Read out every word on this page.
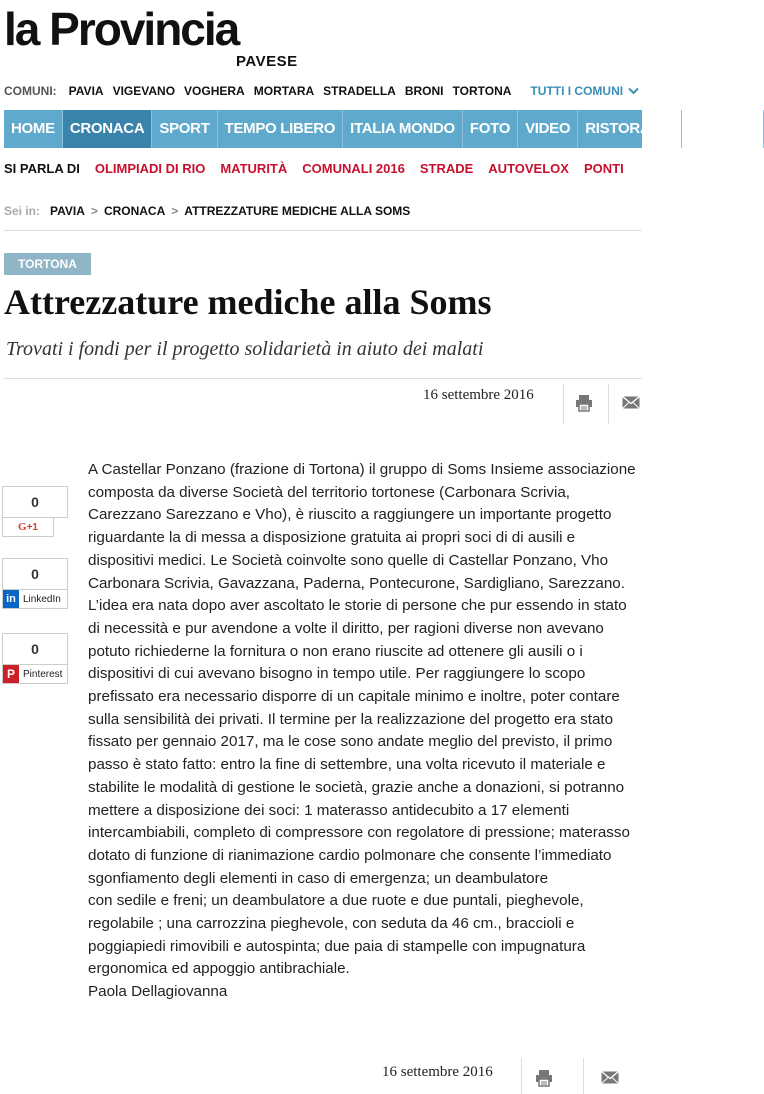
la Provincia
PAVESE
COMUNI: PAVIA VIGEVANO VOGHERA MORTARA STRADELLA BRONI TORTONA TUTTI I COMUNI
HOME	CRONACA	SPORT	TEMPO LIBERO	ITALIA MONDO	FOTO	VIDEO	RISTORANTI	ANNUNCI
SI PARLA DI OLIMPIADI DI RIO MATURITÀ COMUNALI 2016 STRADE AUTOVELOX PONTI
Sei in: PAVIA > CRONACA > ATTREZZATURE MEDICHE ALLA SOMS
TORTONA
Attrezzature mediche alla Soms
Trovati i fondi per il progetto solidarietà in aiuto dei malati
16 settembre 2016
0
G +1
0
in LinkedIn
0
P Pinterest

A Castellar Ponzano (frazione di Tortona) il gruppo di Soms Insieme associazione composta da diverse Società del territorio tortonese (Carbonara Scrivia, Carezzano Sarezzano e Vho), è riuscito a raggiungere un importante progetto riguardante la di messa a disposizione gratuita ai propri soci di di ausili e dispositivi medici. Le Società coinvolte sono quelle di Castellar Ponzano, Vho Carbonara Scrivia, Gavazzana, Paderna, Pontecurone, Sardigliano, Sarezzano. L’idea era nata dopo aver ascoltato le storie di persone che pur essendo in stato di necessità e pur avendone a volte il diritto, per ragioni diverse non avevano potuto richiederne la fornitura o non erano riuscite ad ottenere gli ausili o i dispositivi di cui avevano bisogno in tempo utile. Per raggiungere lo scopo prefissato era necessario disporre di un capitale minimo e inoltre, poter contare sulla sensibilità dei privati. Il termine per la realizzazione del progetto era stato fissato per gennaio 2017, ma le cose sono andate meglio del previsto, il primo passo è stato fatto: entro la fine di settembre, una volta ricevuto il materiale e stabilite le modalità di gestione le società, grazie anche a donazioni, si potranno mettere a disposizione dei soci: 1 materasso antidecubito a 17 elementi intercambiabili, completo di compressore con regolatore di pressione; materasso dotato di funzione di rianimazione cardio polmonare che consente l’immediato sgonfiamento degli elementi in caso di emergenza; un deambulatore

con sedile e freni; un deambulatore a due ruote e due puntali, pieghevole, regolabile ; una carrozzina pieghevole, con seduta da 46 cm., braccioli e poggiapiedi rimovibili e autospinta; due paia di stampelle con impugnatura ergonomica ed appoggio antibrachiale.

Paola Dellagiovanna

16 settembre 2016
